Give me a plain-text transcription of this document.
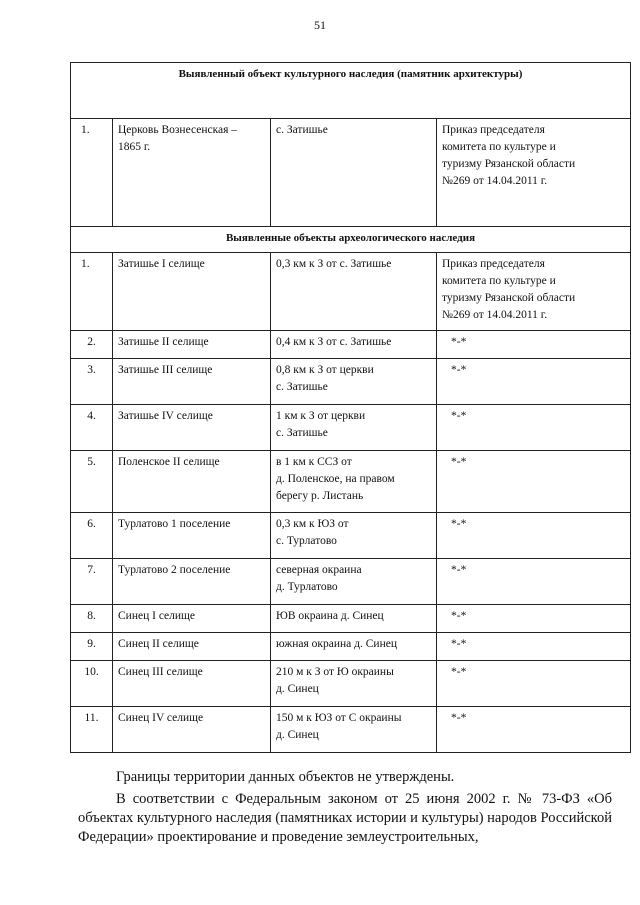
51
Выявленный объект культурного наследия (памятник архитектуры)			
1.	Церковь Вознесенская –
1865 г.	с. Затишье	Приказ председателя
комитета по культуре и
туризму Рязанской области
№269 от 14.04.2011 г.
Выявленные объекты археологического наследия			
1.	Затишье I селище	0,3 км к З от с. Затишье	Приказ председателя
комитета по культуре и
туризму Рязанской области
№269 от 14.04.2011 г.
2.	Затишье II селище	0,4 км к З от с. Затишье	*-*
3.	Затишье III селище	0,8 км к З от церкви
с. Затишье	*-*
4.	Затишье IV селище	1 км к З от церкви
с. Затишье	*-*
5.	Поленское II селище	в 1 км к ССЗ от
д. Поленское, на правом
берегу р. Листань	*-*
6.	Турлатово 1 поселение	0,3 км к ЮЗ от
с. Турлатово	*-*
7.	Турлатово 2 поселение	северная окраина
д. Турлатово	*-*
8.	Синец I селище	ЮВ окраина д. Синец	*-*
9.	Синец II селище	южная окраина д. Синец	*-*
10.	Синец III селище	210 м к З от Ю окраины
д. Синец	*-*
11.	Синец IV селище	150 м к ЮЗ от С окраины
д. Синец	*-*

Границы территории данных объектов не утверждены.

В соответствии с Федеральным законом от 25 июня 2002 г. № 73-ФЗ «Об объектах культурного наследия (памятниках истории и культуры) народов Российской Федерации» проектирование и проведение землеустроительных,
